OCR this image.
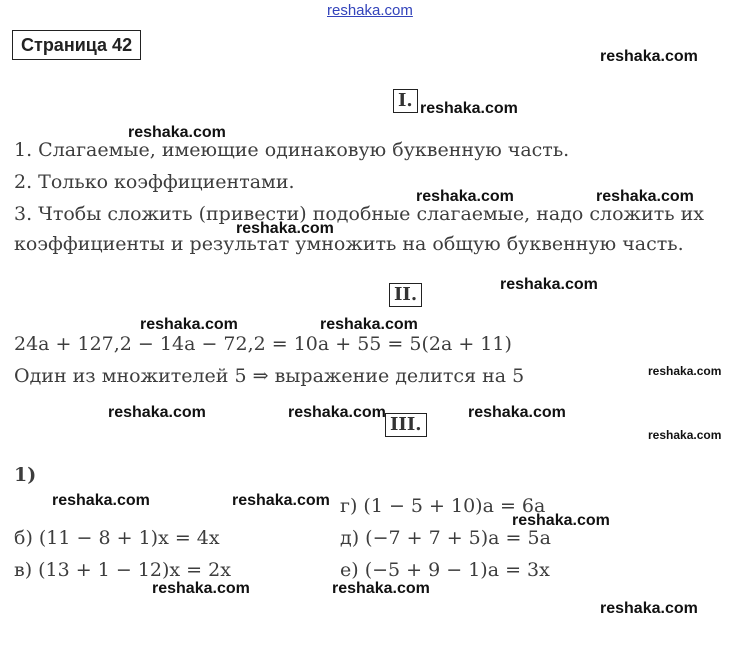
reshaka.com
Страница 42
I.
1. Слагаемые, имеющие одинаковую буквенную часть.
2. Только коэффициентами.
3. Чтобы сложить (привести) подобные слагаемые, надо сложить их
коэффициенты и результат умножить на общую буквенную часть.
II.
24a + 127,2 − 14a − 72,2 = 10a + 55 = 5(2a + 11)
Один из множителей 5 ⇒ выражение делится на 5
III.
1)
б) (11 − 8 + 1)x = 4x
в) (13 + 1 − 12)x = 2x
г) (1 − 5 + 10)a = 6a
д) (−7 + 7 + 5)a = 5a
е) (−5 + 9 − 1)a = 3x
reshaka.com
reshaka.com
reshaka.com
reshaka.com	reshaka.com
reshaka.com
reshaka.com
reshaka.com	reshaka.com
reshaka.com
reshaka.com	reshaka.com	reshaka.com
reshaka.com
reshaka.com	reshaka.com
reshaka.com
reshaka.com	reshaka.com
reshaka.com
